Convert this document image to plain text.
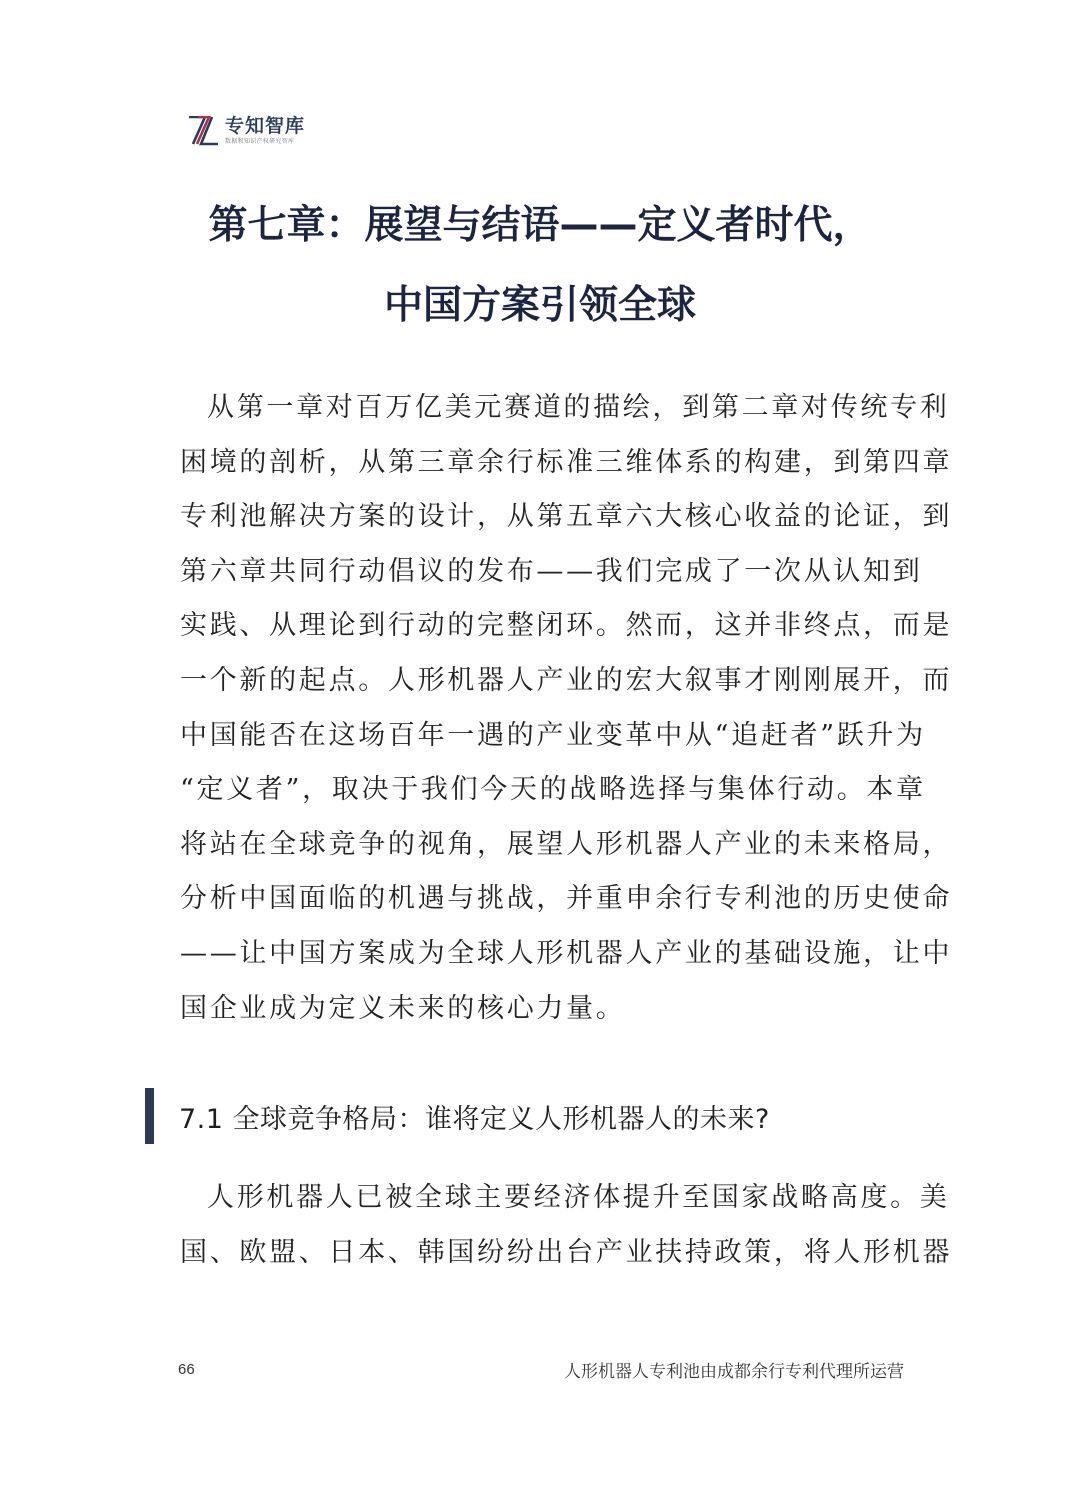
专知智库
数据和知识产权研究智库
第七章：展望与结语——定义者时代，
中国方案引领全球

从第一章对百万亿美元赛道的描绘，到第二章对传统专利
困境的剖析，从第三章余行标准三维体系的构建，到第四章
专利池解决方案的设计，从第五章六大核心收益的论证，到
第六章共同行动倡议的发布——我们完成了一次从认知到
实践、从理论到行动的完整闭环。然而，这并非终点，而是
一个新的起点。人形机器人产业的宏大叙事才刚刚展开，而
中国能否在这场百年一遇的产业变革中从“追赶者”跃升为
“定义者”，取决于我们今天的战略选择与集体行动。本章
将站在全球竞争的视角，展望人形机器人产业的未来格局，
分析中国面临的机遇与挑战，并重申余行专利池的历史使命
——让中国方案成为全球人形机器人产业的基础设施，让中
国企业成为定义未来的核心力量。

7.1 全球竞争格局：谁将定义人形机器人的未来?

人形机器人已被全球主要经济体提升至国家战略高度。美
国、欧盟、日本、韩国纷纷出台产业扶持政策，将人形机器

66	人形机器人专利池由成都余行专利代理所运营
